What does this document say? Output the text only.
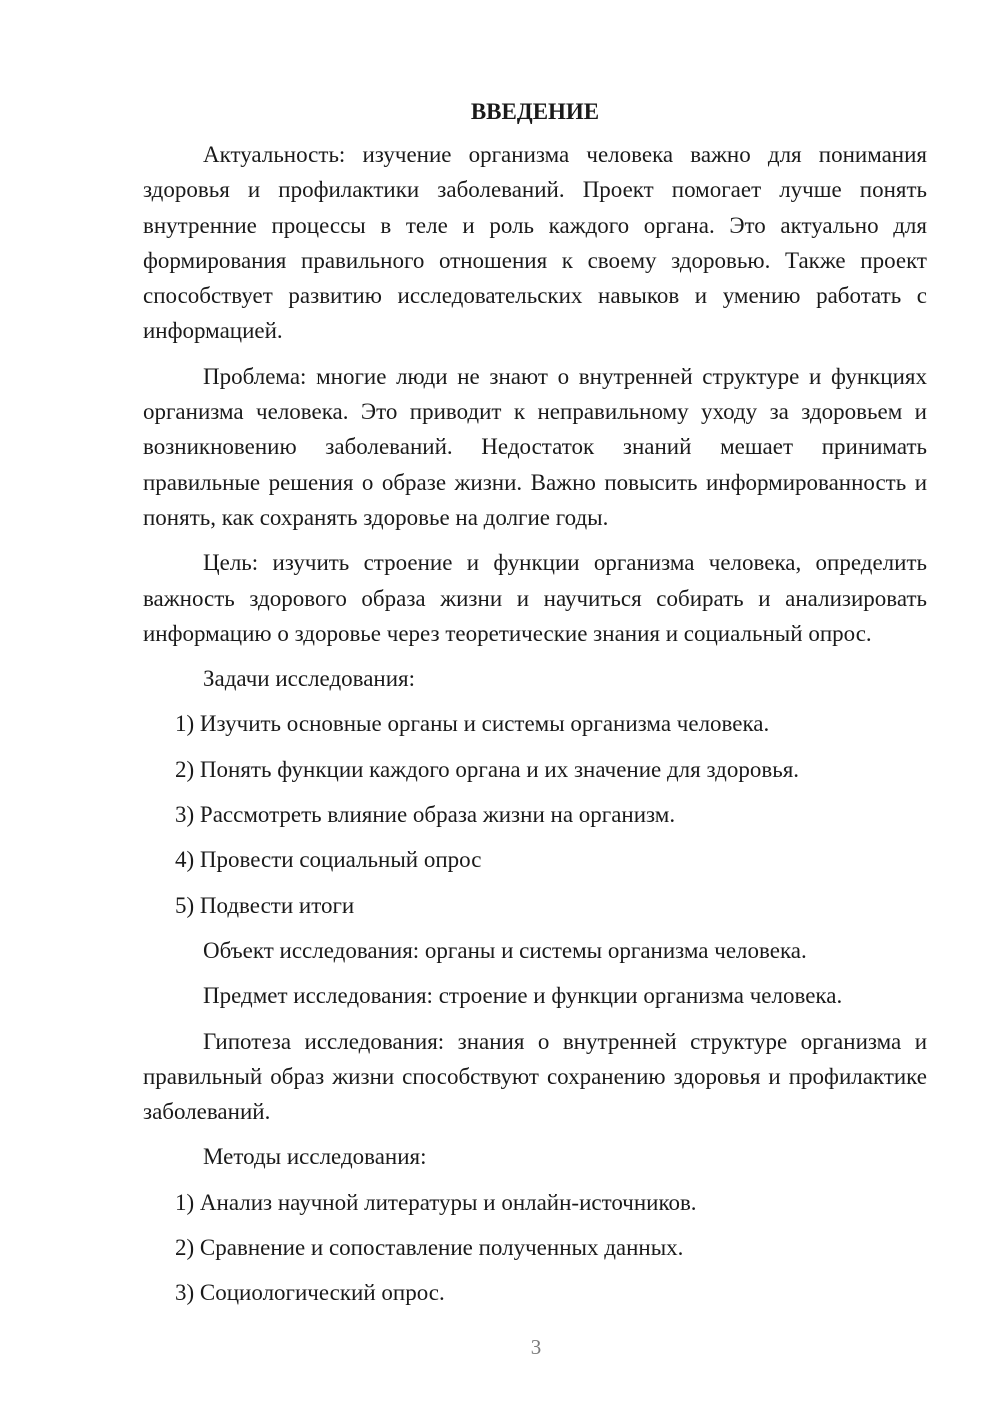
ВВЕДЕНИЕ

Актуальность: изучение организма человека важно для понимания здоровья и профилактики заболеваний. Проект помогает лучше понять внутренние процессы в теле и роль каждого органа. Это актуально для формирования правильного отношения к своему здоровью. Также проект способствует развитию исследовательских навыков и умению работать с информацией.

Проблема: многие люди не знают о внутренней структуре и функциях организма человека. Это приводит к неправильному уходу за здоровьем и возникновению заболеваний. Недостаток знаний мешает принимать правильные решения о образе жизни. Важно повысить информированность и понять, как сохранять здоровье на долгие годы.

Цель: изучить строение и функции организма человека, определить важность здорового образа жизни и научиться собирать и анализировать информацию о здоровье через теоретические знания и социальный опрос.

Задачи исследования:

1) Изучить основные органы и системы организма человека.
2) Понять функции каждого органа и их значение для здоровья.
3) Рассмотреть влияние образа жизни на организм.
4) Провести социальный опрос
5) Подвести итоги

Объект исследования: органы и системы организма человека.

Предмет исследования: строение и функции организма человека.

Гипотеза исследования: знания о внутренней структуре организма и правильный образ жизни способствуют сохранению здоровья и профилактике заболеваний.

Методы исследования:

1) Анализ научной литературы и онлайн-источников.
2) Сравнение и сопоставление полученных данных.
3) Социологический опрос.
3
